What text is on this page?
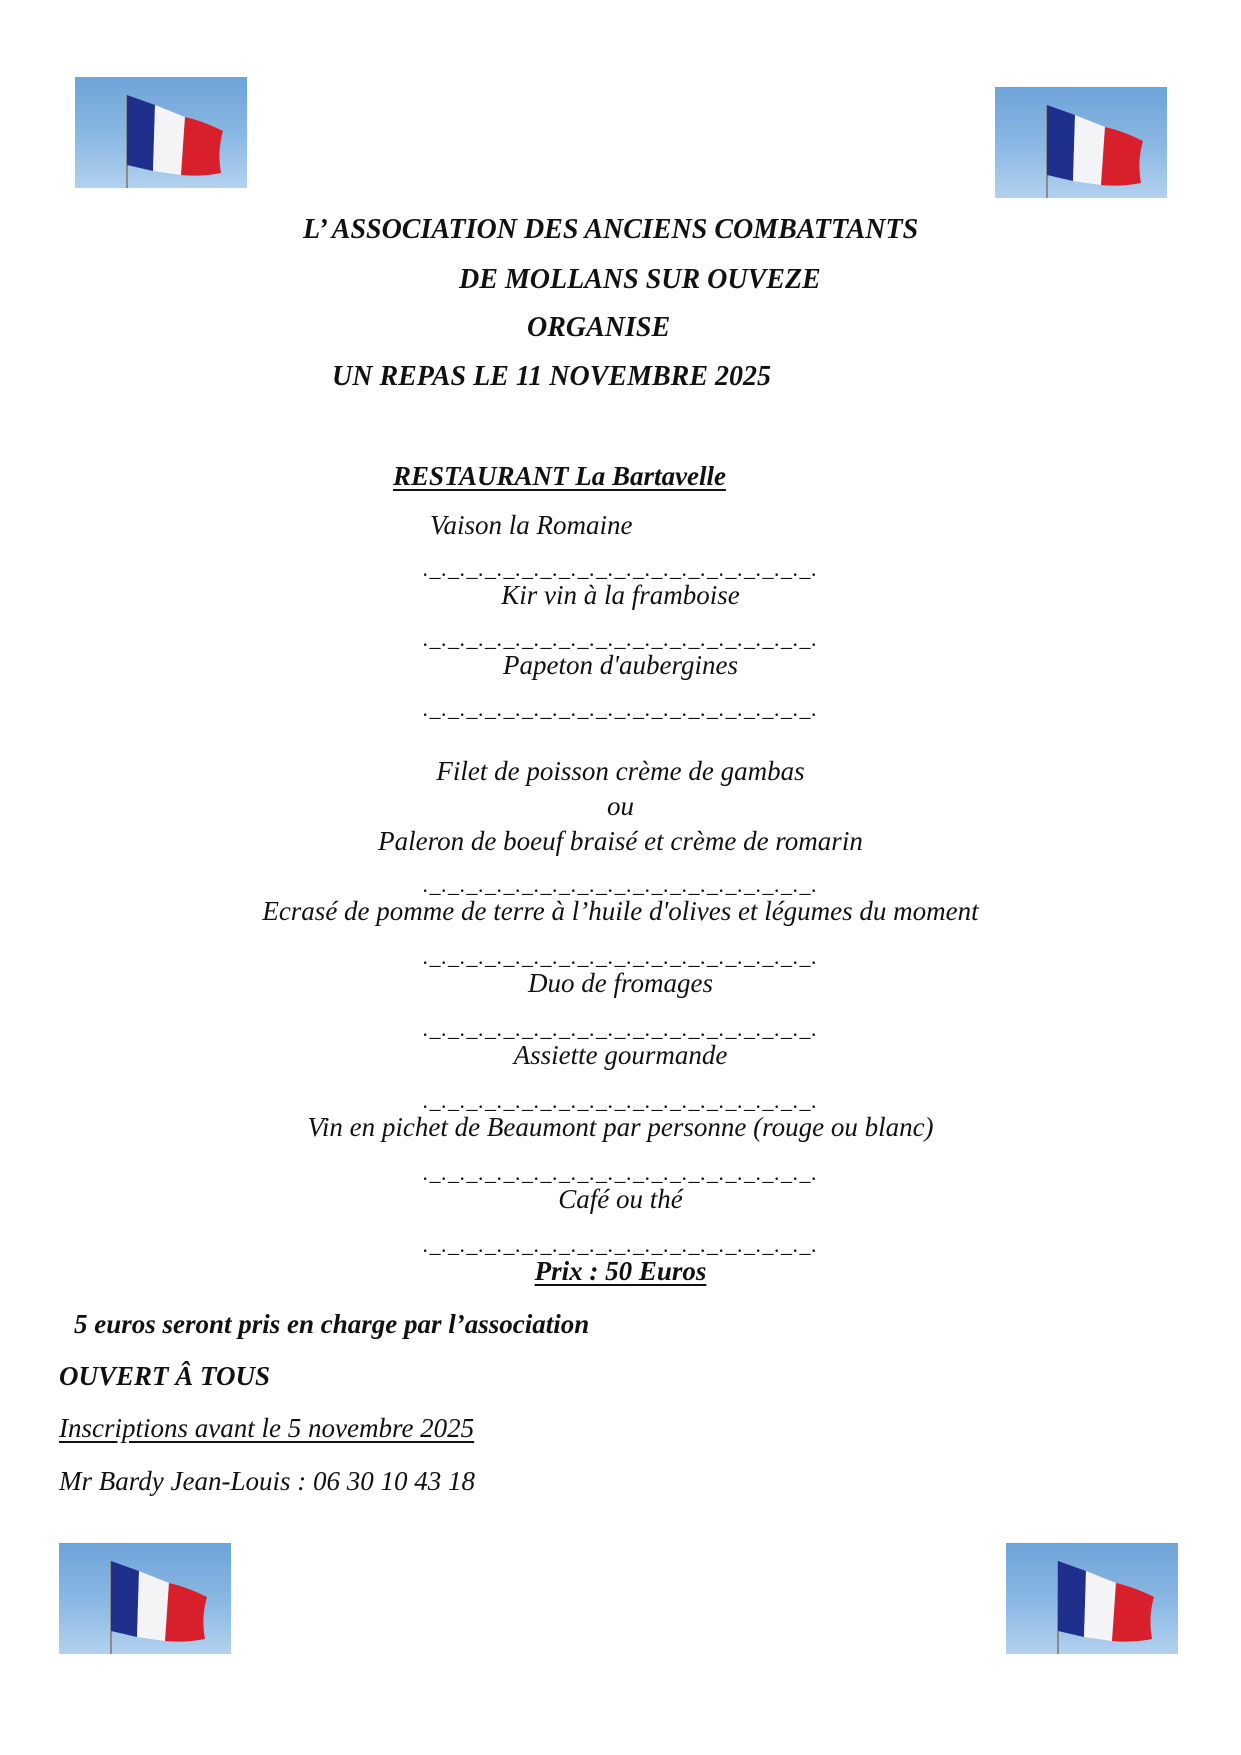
L’ ASSOCIATION DES ANCIENS COMBATTANTS

DE MOLLANS SUR OUVEZE

ORGANISE

UN REPAS LE 11 NOVEMBRE 2025

RESTAURANT La Bartavelle

Vaison la Romaine

._._._._._._._._._._._._._._._._._._._._._.

Kir vin à la framboise

._._._._._._._._._._._._._._._._._._._._._.

Papeton d'aubergines

._._._._._._._._._._._._._._._._._._._._._.

Filet de poisson crème de gambas

ou

Paleron de boeuf braisé et crème de romarin

._._._._._._._._._._._._._._._._._._._._._.

Ecrasé de pomme de terre à l’huile d'olives et légumes du moment

._._._._._._._._._._._._._._._._._._._._._.

Duo de fromages

._._._._._._._._._._._._._._._._._._._._._.

Assiette gourmande

._._._._._._._._._._._._._._._._._._._._._.

Vin en pichet de Beaumont par personne (rouge ou blanc)

._._._._._._._._._._._._._._._._._._._._._.

Café ou thé

._._._._._._._._._._._._._._._._._._._._._.

Prix : 50 Euros

5 euros seront pris en charge par l’association

OUVERT Â TOUS

Inscriptions avant le 5 novembre 2025

Mr Bardy Jean-Louis : 06 30 10 43 18
